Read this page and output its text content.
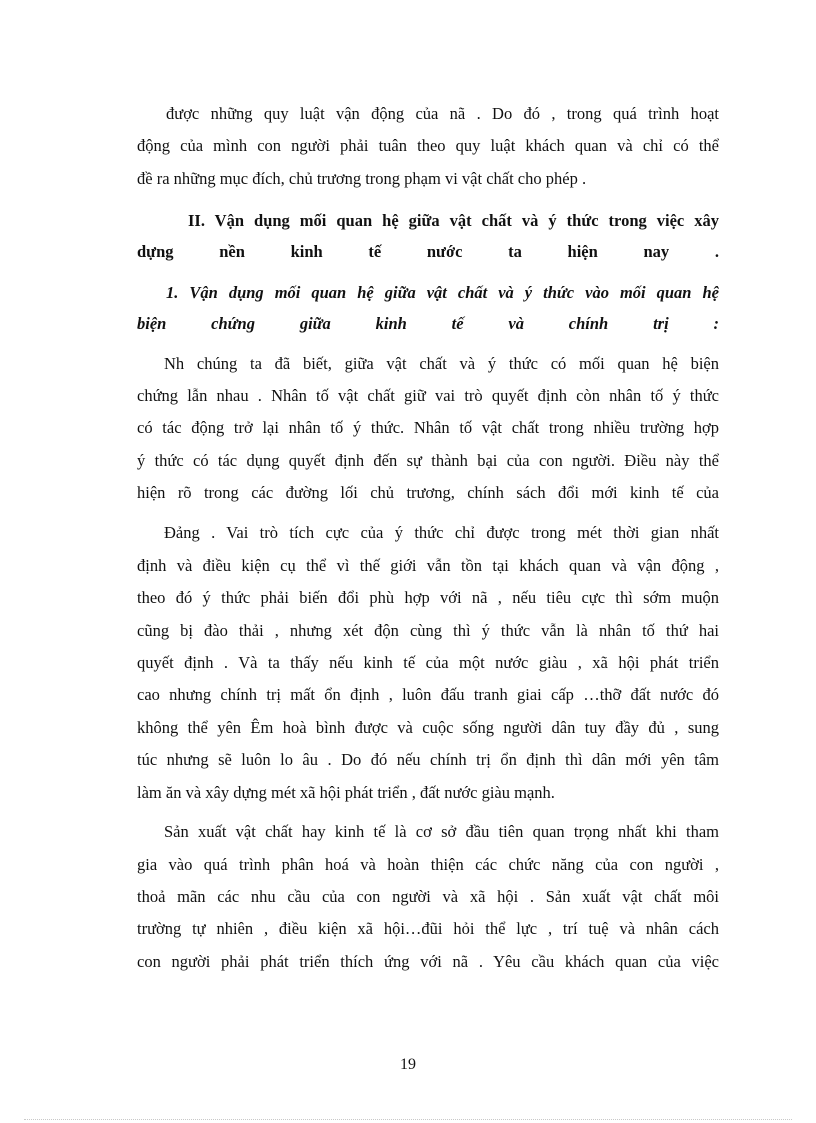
được những quy luật vận động của nã . Do đó , trong quá trình hoạt
động của mình con người phải tuân theo quy luật khách quan và chỉ có thể
đề ra những mục đích, chủ trương trong phạm vi vật chất cho phép .
II. Vận dụng mối quan hệ giữa vật chất và ý thức trong việc xây
dựng nền kinh tế nước ta hiện nay .
1. Vận dụng mối quan hệ giữa vật chất và ý thức vào mối quan hệ
biện chứng giữa kinh tế và chính trị :
Nh chúng ta đã biết, giữa vật chất và ý thức có mối quan hệ biện
chứng lẫn nhau . Nhân tố vật chất giữ vai trò quyết định còn nhân tố ý thức
có tác động trở lại nhân tố ý thức. Nhân tố vật chất trong nhiều trường hợp
ý thức có tác dụng quyết định đến sự thành bại của con người. Điều này thể
hiện rõ trong các đường lối chủ trương, chính sách đổi mới kinh tế của
Đảng . Vai trò tích cực của ý thức chỉ được trong mét thời gian nhất
định và điều kiện cụ thể vì thế giới vẫn tồn tại khách quan và vận động ,
theo đó ý thức phải biến đổi phù hợp với nã , nếu tiêu cực thì sớm muộn
cũng bị đào thải , nhưng xét độn cùng thì ý thức vẫn là nhân tố thứ hai
quyết định . Và ta thấy nếu kinh tế của một nước giàu , xã hội phát triển
cao nhưng chính trị mất ổn định , luôn đấu tranh giai cấp …thỡ đất nước đó
không thể yên Êm hoà bình được và cuộc sống người dân tuy đầy đủ , sung
túc nhưng sẽ luôn lo âu . Do đó nếu chính trị ổn định thì dân mới yên tâm
làm ăn và xây dựng mét xã hội phát triển , đất nước giàu mạnh.
Sản xuất vật chất hay kinh tế là cơ sở đầu tiên quan trọng nhất khi tham
gia vào quá trình phân hoá và hoàn thiện các chức năng của con người ,
thoả mãn các nhu cầu của con người và xã hội . Sản xuất vật chất môi
trường tự nhiên , điều kiện xã hội…đũi hỏi thể lực , trí tuệ và nhân cách
con người phải phát triển thích ứng với nã . Yêu cầu khách quan của việc
19
